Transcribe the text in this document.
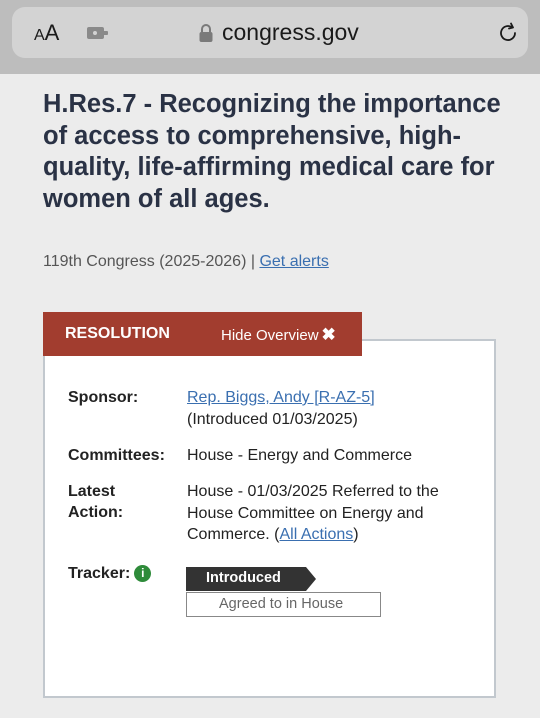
AA	congress.gov
H.Res.7 - Recognizing the importance of access to comprehensive, high-quality, life-affirming medical care for women of all ages.
119th Congress (2025-2026) | Get alerts
RESOLUTION	Hide Overview ✖
Sponsor:	Rep. Biggs, Andy [R-AZ-5]
(Introduced 01/03/2025)
Committees: House - Energy and Commerce
Latest
Action:
House - 01/03/2025 Referred to the House Committee on Energy and Commerce. (All Actions)
Tracker: i	Introduced
Agreed to in House
